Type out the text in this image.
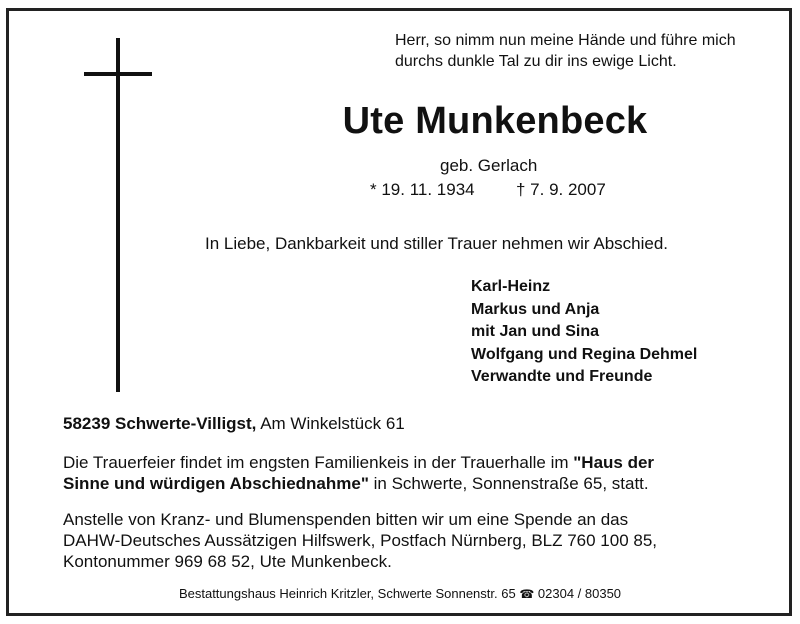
Herr, so nimm nun meine Hände und führe mich
durchs dunkle Tal zu dir ins ewige Licht.
Ute Munkenbeck
geb. Gerlach
* 19. 11. 1934 † 7. 9. 2007
In Liebe, Dankbarkeit und stiller Trauer nehmen wir Abschied.
Karl-Heinz
Markus und Anja
mit Jan und Sina
Wolfgang und Regina Dehmel
Verwandte und Freunde
58239 Schwerte-Villigst, Am Winkelstück 61
Die Trauerfeier findet im engsten Familienkeis in der Trauerhalle im "Haus der
Sinne und würdigen Abschiednahme" in Schwerte, Sonnenstraße 65, statt.
Anstelle von Kranz- und Blumenspenden bitten wir um eine Spende an das
DAHW-Deutsches Aussätzigen Hilfswerk, Postfach Nürnberg, BLZ 760 100 85,
Kontonummer 969 68 52, Ute Munkenbeck.
Bestattungshaus Heinrich Kritzler, Schwerte Sonnenstr. 65 ☎ 02304 / 80350
